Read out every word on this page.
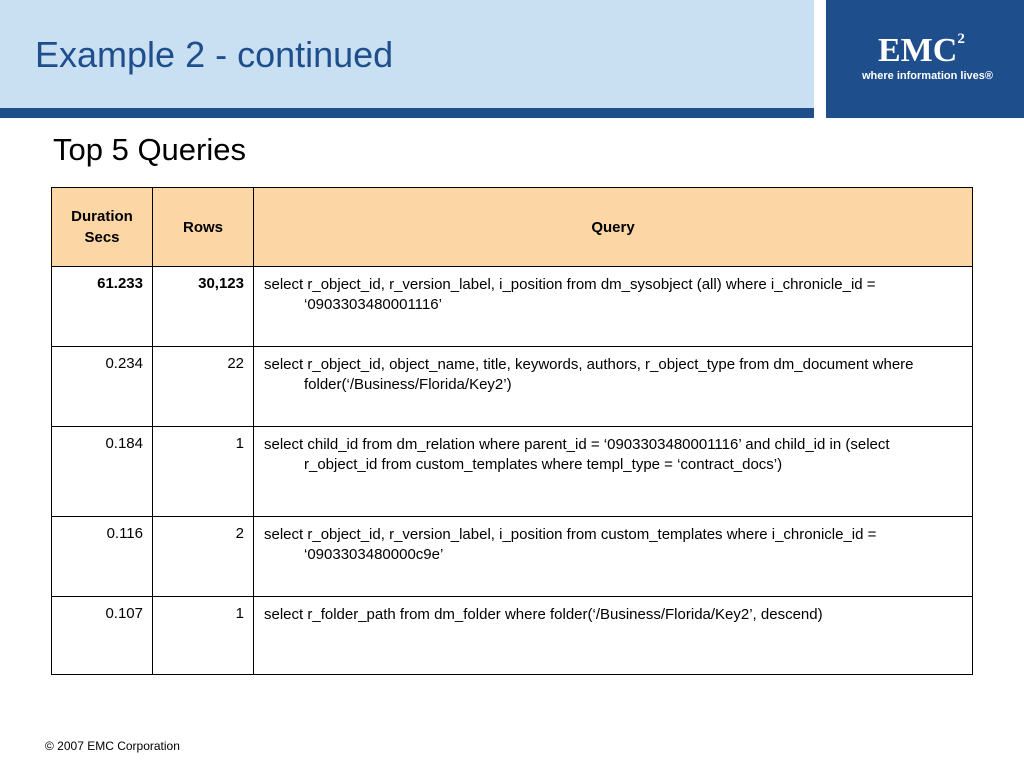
Example 2 - continued	EMC$^2$
where information lives®
Top 5 Queries
Duration
Secs	Rows	Query
61.233	30,123	select r_object_id, r_version_label, i_position from dm_sysobject (all) where i_chronicle_id = ‘0903303480001116’

0.234	22	select r_object_id, object_name, title, keywords, authors, r_object_type from dm_document where folder(‘/Business/Florida/Key2’)

0.184	1	select child_id from dm_relation where parent_id = ‘0903303480001116’ and child_id in (select r_object_id from custom_templates where templ_type = ‘contract_docs’)

0.116	2	select r_object_id, r_version_label, i_position from custom_templates where i_chronicle_id = ‘0903303480000c9e’

0.107	1	select r_folder_path from dm_folder where folder(‘/Business/Florida/Key2’, descend)
© 2007 EMC Corporation
